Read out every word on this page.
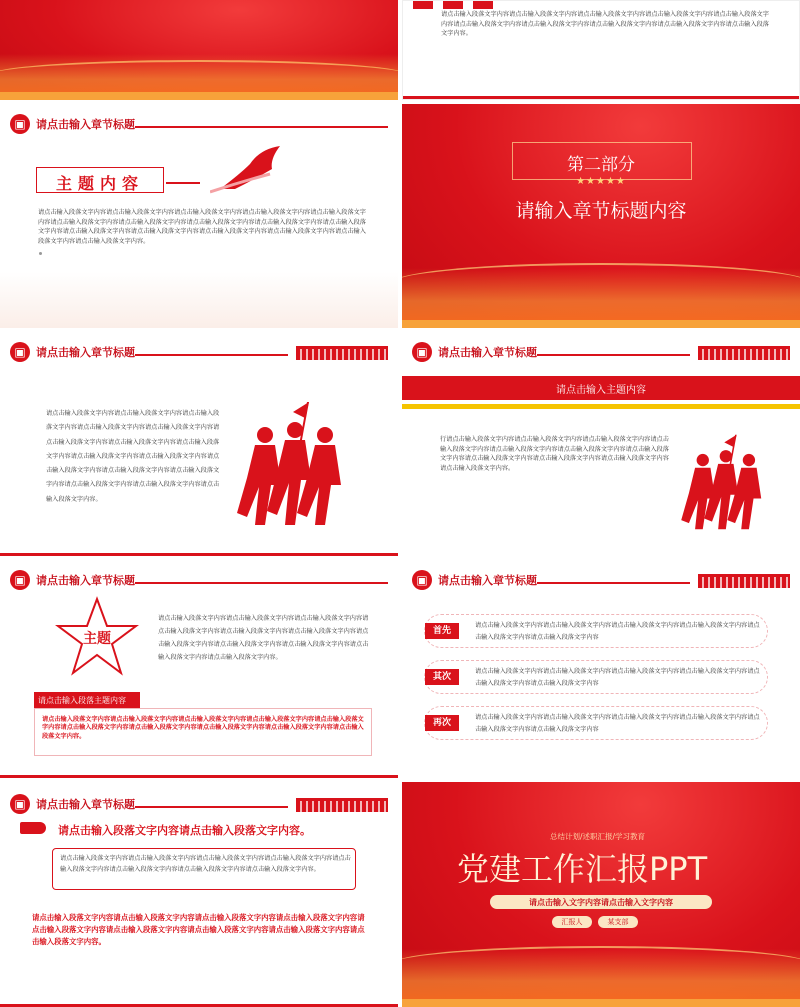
请点击输入段落文字内容请点击输入段落文字内容请点击输入段落文字内容请点击输入段落文字内容请点击输入段落文字内容请点击输入段落文字内容请点击输入段落文字内容请点击输入段落文字内容请点击输入段落文字内容请点击输入段落文字内容。

▣ 请点击输入章节标题
主题内容

请点击输入段落文字内容请点击输入段落文字内容请点击输入段落文字内容请点击输入段落文字内容请点击输入段落文字内容请点击输入段落文字内容请点击输入段落文字内容请点击输入段落文字内容请点击输入段落文字内容请点击输入段落文字内容请点击输入段落文字内容请点击输入段落文字内容请点击输入段落文字内容请点击输入段落文字内容请点击输入段落文字内容请点击输入段落文字内容。

第二部分
★★★★★
请输入章节标题内容
▣ 请点击输入章节标题

请点击输入段落文字内容请点击输入段落文字内容请点击输入段落文字内容请点击输入段落文字内容请点击输入段落文字内容请点击输入段落文字内容请点击输入段落文字内容请点击输入段落文字内容请点击输入段落文字内容请点击输入段落文字内容请点击输入段落文字内容请点击输入段落文字内容请点击输入段落文字内容请点击输入段落文字内容请点击输入段落文字内容请点击输入段落文字内容。

▣ 请点击输入章节标题
请点击输入主题内容

行请点击输入段落文字内容请点击输入段落文字内容请点击输入段落文字内容请点击输入段落文字内容请点击输入段落文字内容请点击输入段落文字内容请点击输入段落文字内容请点击输入段落文字内容请点击输入段落文字内容请点击输入段落文字内容请点击输入段落文字内容。

▣ 请点击输入章节标题
主题

请点击输入段落文字内容请点击输入段落文字内容请点击输入段落文字内容请点击输入段落文字内容请点击输入段落文字内容请点击输入段落文字内容请点击输入段落文字内容请点击输入段落文字内容请点击输入段落文字内容请点击输入段落文字内容请点击输入段落文字内容。

请点击输入段落主题内容

请点击输入段落文字内容请点击输入段落文字内容请点击输入段落文字内容请点击输入段落文字内容请点击输入段落文字内容请点击输入段落文字内容请点击输入段落文字内容请点击输入段落文字内容请点击输入段落文字内容请点击输入段落文字内容。

▣ 请点击输入章节标题
首先
请点击输入段落文字内容请点击输入段落文字内容请点击输入段落文字内容请点击输入段落文字内容请点击输入段落文字内容请点击输入段落文字内容
其次
请点击输入段落文字内容请点击输入段落文字内容请点击输入段落文字内容请点击输入段落文字内容请点击输入段落文字内容请点击输入段落文字内容
再次
请点击输入段落文字内容请点击输入段落文字内容请点击输入段落文字内容请点击输入段落文字内容请点击输入段落文字内容请点击输入段落文字内容
▣ 请点击输入章节标题
请点击输入段落文字内容请点击输入段落文字内容。

请点击输入段落文字内容请点击输入段落文字内容请点击输入段落文字内容请点击输入段落文字内容请点击输入段落文字内容请点击输入段落文字内容请点击输入段落文字内容请点击输入段落文字内容。

请点击输入段落文字内容请点击输入段落文字内容请点击输入段落文字内容请点击输入段落文字内容请点击输入段落文字内容请点击输入段落文字内容请点击输入段落文字内容请点击输入段落文字内容请点击输入段落文字内容。

总结计划/述职汇报/学习教育
党建工作汇报PPT
请点击输入文字内容请点击输入文字内容
汇报人	某支部
